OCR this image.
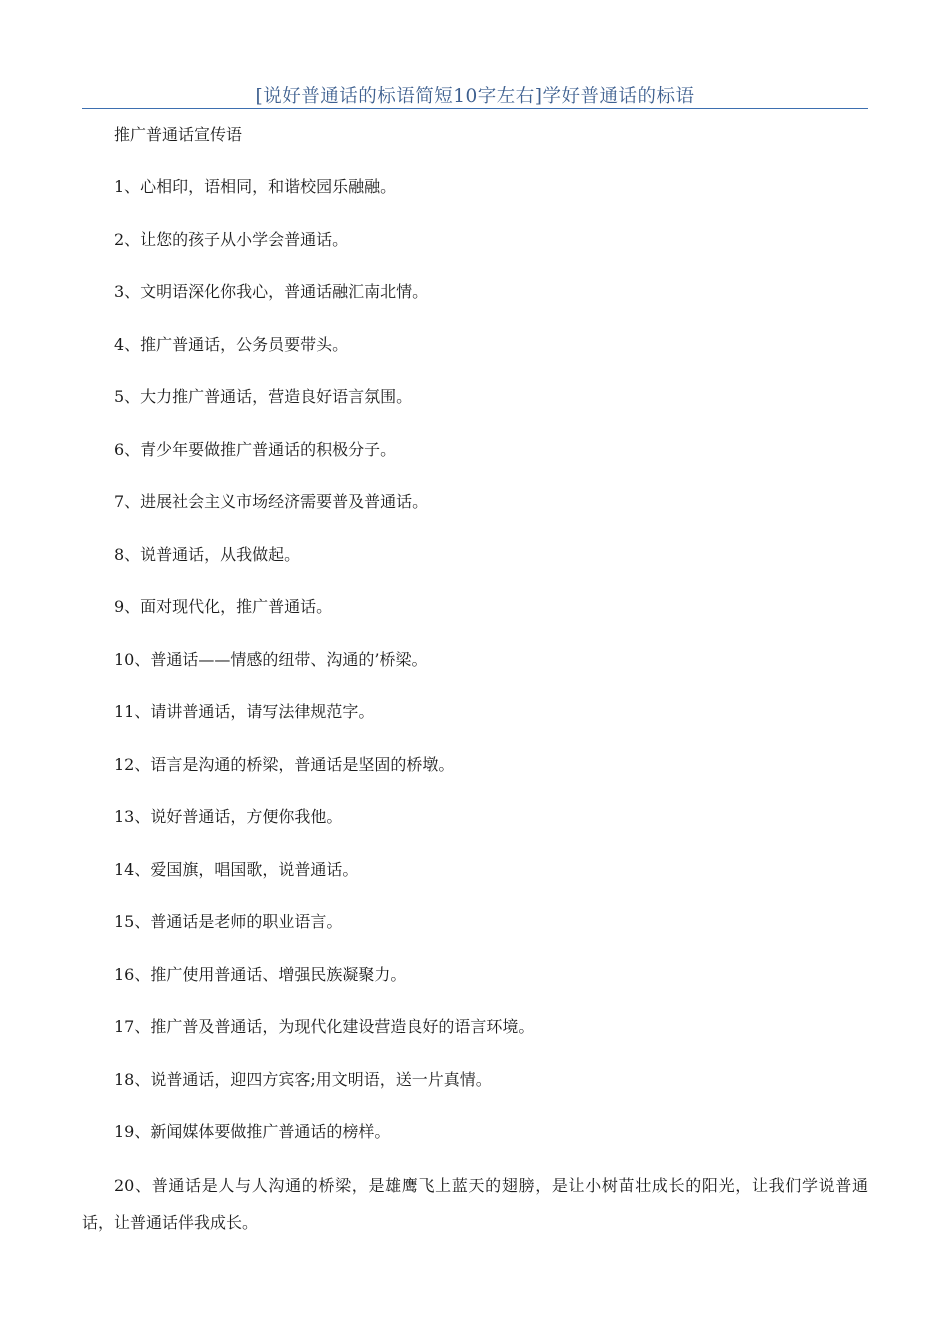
[说好普通话的标语简短10字左右]学好普通话的标语

推广普通话宣传语

1、心相印，语相同，和谐校园乐融融。

2、让您的孩子从小学会普通话。

3、文明语深化你我心，普通话融汇南北情。

4、推广普通话，公务员要带头。

5、大力推广普通话，营造良好语言氛围。

6、青少年要做推广普通话的积极分子。

7、进展社会主义市场经济需要普及普通话。

8、说普通话，从我做起。

9、面对现代化，推广普通话。

10、普通话——情感的纽带、沟通的’桥梁。

11、请讲普通话，请写法律规范字。

12、语言是沟通的桥梁，普通话是坚固的桥墩。

13、说好普通话，方便你我他。

14、爱国旗，唱国歌，说普通话。

15、普通话是老师的职业语言。

16、推广使用普通话、增强民族凝聚力。

17、推广普及普通话，为现代化建设营造良好的语言环境。

18、说普通话，迎四方宾客;用文明语，送一片真情。

19、新闻媒体要做推广普通话的榜样。

20、普通话是人与人沟通的桥梁，是雄鹰飞上蓝天的翅膀，是让小树苗壮成长的阳光，让我们学说普通话，让普通话伴我成长。
